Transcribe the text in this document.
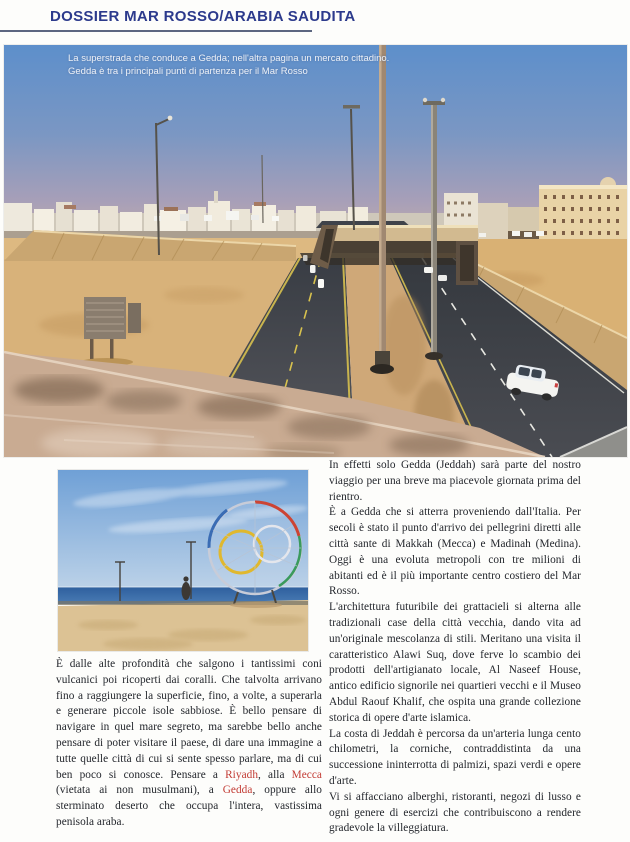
DOSSIER MAR ROSSO/ARABIA SAUDITA
La superstrada che conduce a Gedda; nell'altra pagina un mercato cittadino.
Gedda è tra i principali punti di partenza per il Mar Rosso

È dalle alte profondità che salgono i tantissimi coni vulcanici poi ricoperti dai coralli. Che talvolta arrivano fino a raggiungere la superficie, fino, a volte, a superarla e generare piccole isole sabbiose. È bello pensare di navigare in quel mare segreto, ma sarebbe bello anche pensare di poter visitare il paese, di dare una immagine a tutte quelle città di cui si sente spesso parlare, ma di cui ben poco si conosce. Pensare a Riyadh, alla Mecca (vietata ai non musulmani), a Gedda, oppure allo sterminato deserto che occupa l'intera, vastissima penisola araba.

In effetti solo Gedda (Jeddah) sarà parte del nostro viaggio per una breve ma piacevole giornata prima del rientro.

È a Gedda che si atterra proveniendo dall'Italia. Per secoli è stato il punto d'arrivo dei pellegrini diretti alle città sante di Makkah (Mecca) e Madinah (Medina). Oggi è una evoluta metropoli con tre milioni di abitanti ed è il più importante centro costiero del Mar Rosso.

L'architettura futuribile dei grattacieli si alterna alle tradizionali case della città vecchia, dando vita ad un'originale mescolanza di stili. Meritano una visita il caratteristico Alawi Suq, dove ferve lo scambio dei prodotti dell'artigianato locale, Al Naseef House, antico edificio signorile nei quartieri vecchi e il Museo Abdul Raouf Khalif, che ospita una grande collezione storica di opere d'arte islamica.

La costa di Jeddah è percorsa da un'arteria lunga cento chilometri, la corniche, contraddistinta da una successione ininterrotta di palmizi, spazi verdi e opere d'arte.

Vi si affacciano alberghi, ristoranti, negozi di lusso e ogni genere di esercizi che contribuiscono a rendere gradevole la villeggiatura.
